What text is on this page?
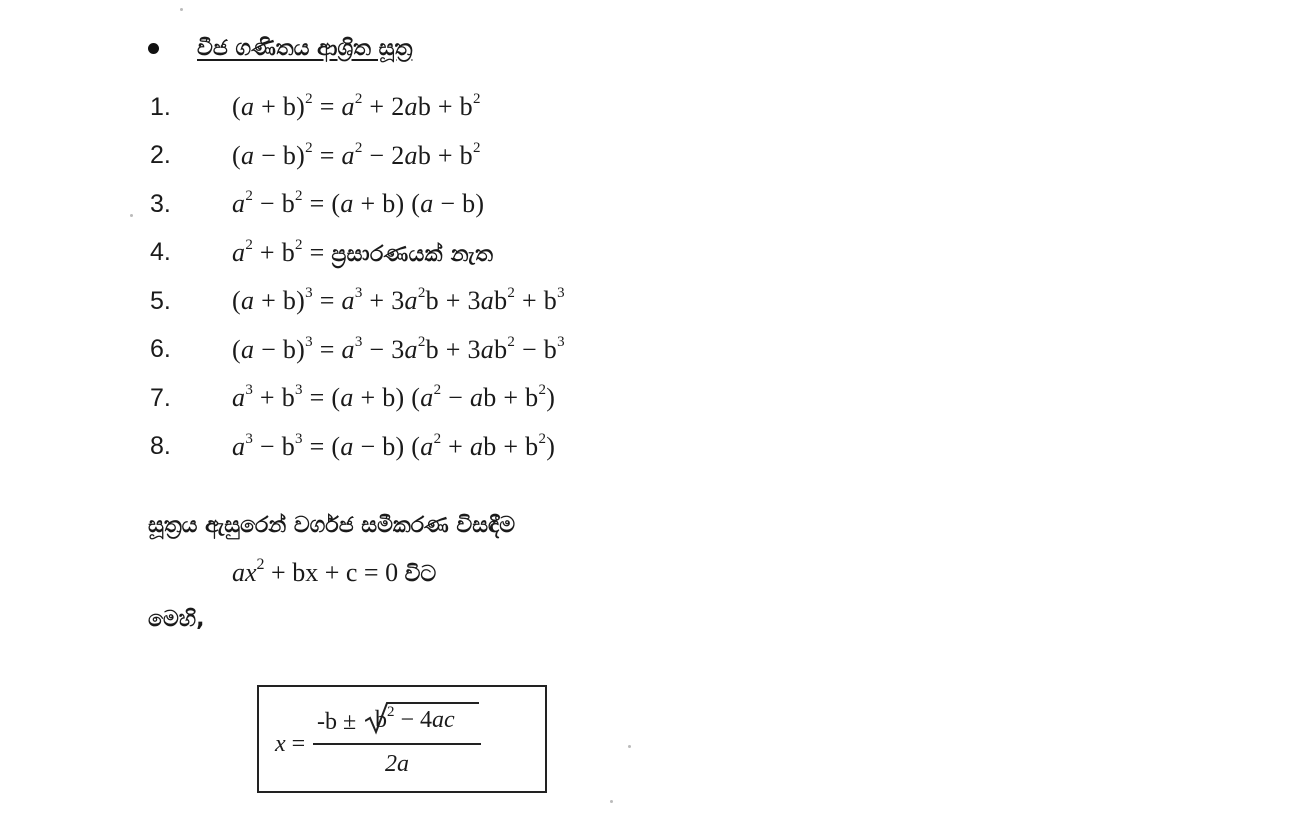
වීජ ගණිතය ආශ්‍රිත සූත්‍ර
1.	$(a + b)^2 = a^2 + 2ab + b^2$
2.	$(a - b)^2 = a^2 - 2ab + b^2$
3.	$a^2 - b^2 = (a + b) (a - b)$
4.	$a^2 + b^2$ = ප්‍රසාරණයක් නැත
5.	$(a + b)^3 = a^3 + 3a^2b + 3ab^2 + b^3$
6.	$(a - b)^3 = a^3 - 3a^2b + 3ab^2 - b^3$
7.	$a^3 + b^3 = (a + b) (a^2$ − ab + $b^2$)
8.	$a^3 - b^3 = (a - b) (a^2$ + ab + $b^2$)
සූත්‍රය ඇසුරෙන් වර්ගජ සමීකරණ විසඳීම
$ax^2$ + bx + c = 0 විට
මෙහි,
x =
$-b \pm b^2 - 4ac$
2a
